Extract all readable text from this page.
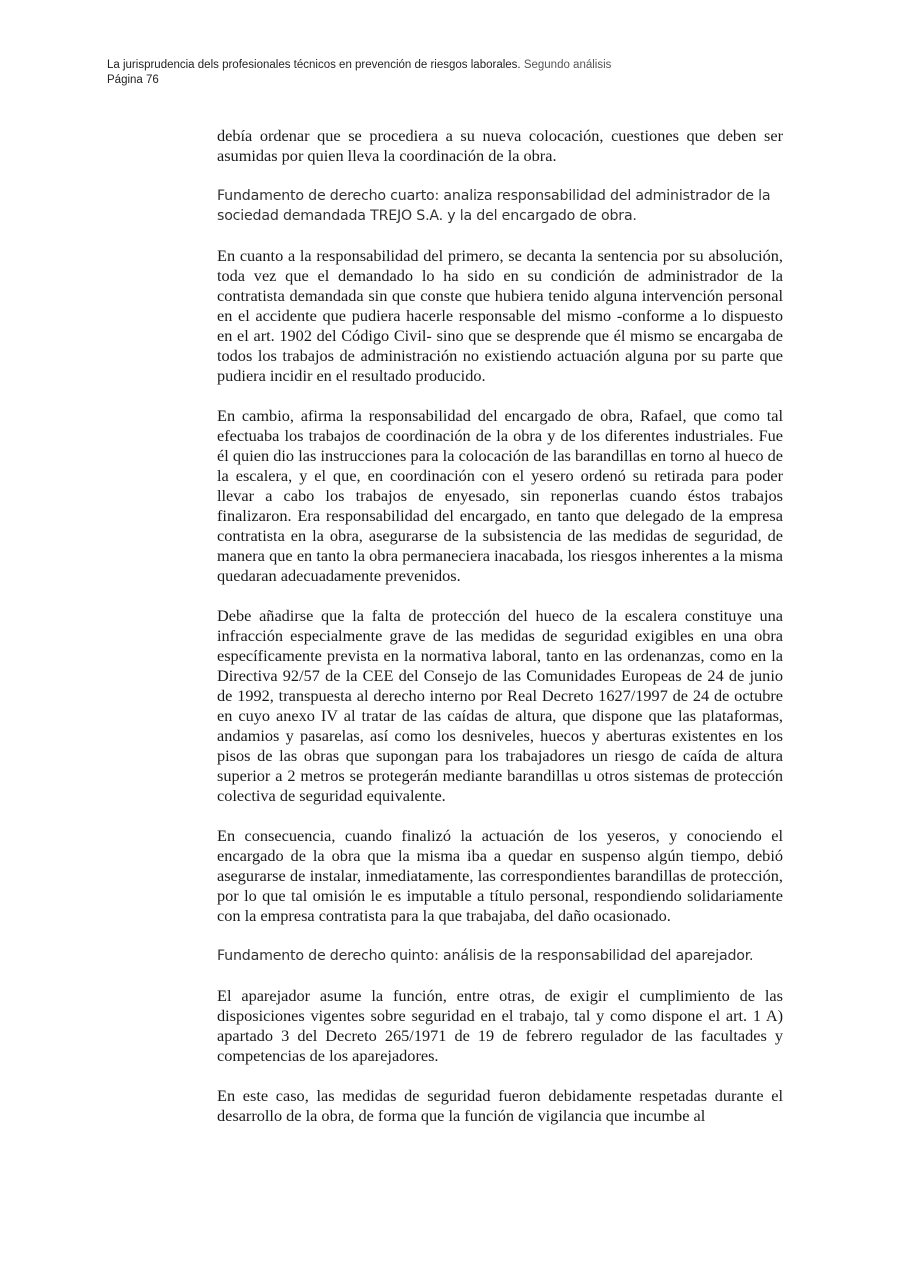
La jurisprudencia dels profesionales técnicos en prevención de riesgos laborales. Segundo análisis
Página 76

debía ordenar que se procediera a su nueva colocación, cuestiones que deben ser asumidas por quien lleva la coordinación de la obra.

Fundamento de derecho cuarto: analiza responsabilidad del administrador de la sociedad demandada TREJO S.A. y la del encargado de obra.

En cuanto a la responsabilidad del primero, se decanta la sentencia por su absolución, toda vez que el demandado lo ha sido en su condición de administrador de la contratista demandada sin que conste que hubiera tenido alguna intervención personal en el accidente que pudiera hacerle responsable del mismo -conforme a lo dispuesto en el art. 1902 del Código Civil- sino que se desprende que él mismo se encargaba de todos los trabajos de administración no existiendo actuación alguna por su parte que pudiera incidir en el resultado producido.

En cambio, afirma la responsabilidad del encargado de obra, Rafael, que como tal efectuaba los trabajos de coordinación de la obra y de los diferentes industriales. Fue él quien dio las instrucciones para la colocación de las barandillas en torno al hueco de la escalera, y el que, en coordinación con el yesero ordenó su retirada para poder llevar a cabo los trabajos de enyesado, sin reponerlas cuando éstos trabajos finalizaron. Era responsabilidad del encargado, en tanto que delegado de la empresa contratista en la obra, asegurarse de la subsistencia de las medidas de seguridad, de manera que en tanto la obra permaneciera inacabada, los riesgos inherentes a la misma quedaran adecuadamente prevenidos.

Debe añadirse que la falta de protección del hueco de la escalera constituye una infracción especialmente grave de las medidas de seguridad exigibles en una obra específicamente prevista en la normativa laboral, tanto en las ordenanzas, como en la Directiva 92/57 de la CEE del Consejo de las Comunidades Europeas de 24 de junio de 1992, transpuesta al derecho interno por Real Decreto 1627/1997 de 24 de octubre en cuyo anexo IV al tratar de las caídas de altura, que dispone que las plataformas, andamios y pasarelas, así como los desniveles, huecos y aberturas existentes en los pisos de las obras que supongan para los trabajadores un riesgo de caída de altura superior a 2 metros se protegerán mediante barandillas u otros sistemas de protección colectiva de seguridad equivalente.

En consecuencia, cuando finalizó la actuación de los yeseros, y conociendo el encargado de la obra que la misma iba a quedar en suspenso algún tiempo, debió asegurarse de instalar, inmediatamente, las correspondientes barandillas de protección, por lo que tal omisión le es imputable a título personal, respondiendo solidariamente con la empresa contratista para la que trabajaba, del daño ocasionado.

Fundamento de derecho quinto: análisis de la responsabilidad del aparejador.

El aparejador asume la función, entre otras, de exigir el cumplimiento de las disposiciones vigentes sobre seguridad en el trabajo, tal y como dispone el art. 1 A) apartado 3 del Decreto 265/1971 de 19 de febrero regulador de las facultades y competencias de los aparejadores.

En este caso, las medidas de seguridad fueron debidamente respetadas durante el desarrollo de la obra, de forma que la función de vigilancia que incumbe al
